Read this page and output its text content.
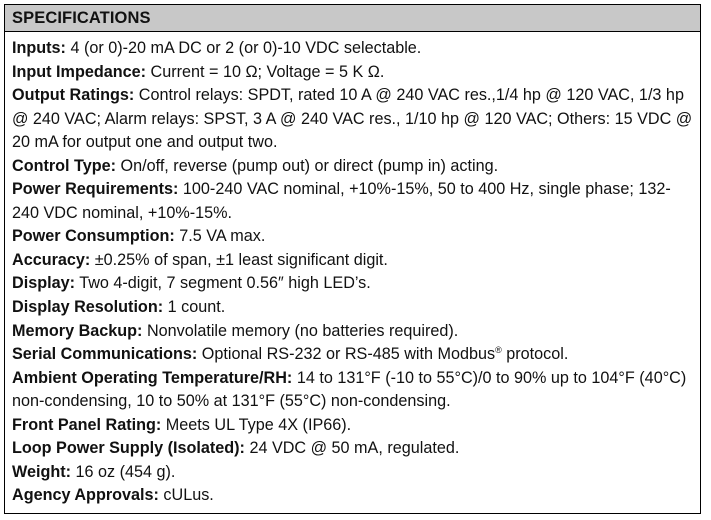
SPECIFICATIONS

Inputs: 4 (or 0)-20 mA DC or 2 (or 0)-10 VDC selectable.

Input Impedance: Current = 10 Ω; Voltage = 5 K Ω.

Output Ratings: Control relays: SPDT, rated 10 A @ 240 VAC res.,1/4 hp @ 120 VAC, 1/3 hp @ 240 VAC; Alarm relays: SPST, 3 A @ 240 VAC res., 1/10 hp @ 120 VAC; Others: 15 VDC @ 20 mA for output one and output two.

Control Type: On/off, reverse (pump out) or direct (pump in) acting.

Power Requirements: 100-240 VAC nominal, +10%-15%, 50 to 400 Hz, single phase; 132-240 VDC nominal, +10%-15%.

Power Consumption: 7.5 VA max.

Accuracy: ±0.25% of span, ±1 least significant digit.

Display: Two 4-digit, 7 segment 0.56″ high LED’s.

Display Resolution: 1 count.

Memory Backup: Nonvolatile memory (no batteries required).

Serial Communications: Optional RS-232 or RS-485 with Modbus® protocol.

Ambient Operating Temperature/RH: 14 to 131°F (-10 to 55°C)/0 to 90% up to 104°F (40°C) non-condensing, 10 to 50% at 131°F (55°C) non-condensing.

Front Panel Rating: Meets UL Type 4X (IP66).

Loop Power Supply (Isolated): 24 VDC @ 50 mA, regulated.

Weight: 16 oz (454 g).

Agency Approvals: cULus.
